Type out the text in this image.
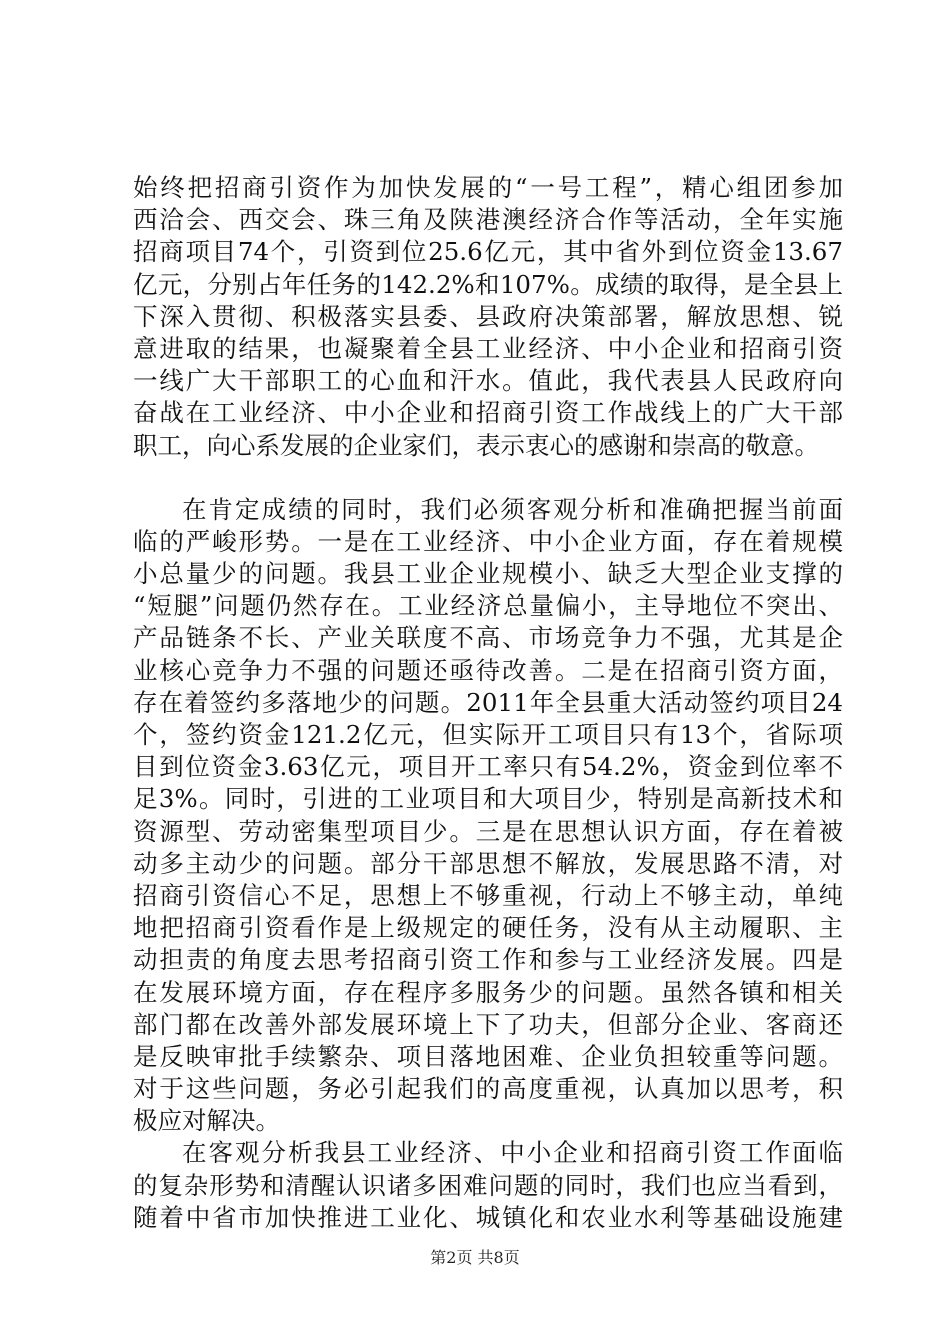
始终把招商引资作为加快发展的“一号工程”，精心组团参加
西洽会、西交会、珠三角及陕港澳经济合作等活动，全年实施
招商项目74个，引资到位25.6亿元，其中省外到位资金13.67
亿元，分别占年任务的142.2%和107%。成绩的取得，是全县上
下深入贯彻、积极落实县委、县政府决策部署，解放思想、锐
意进取的结果，也凝聚着全县工业经济、中小企业和招商引资
一线广大干部职工的心血和汗水。值此，我代表县人民政府向
奋战在工业经济、中小企业和招商引资工作战线上的广大干部
职工，向心系发展的企业家们，表示衷心的感谢和崇高的敬意。
在肯定成绩的同时，我们必须客观分析和准确把握当前面
临的严峻形势。一是在工业经济、中小企业方面，存在着规模
小总量少的问题。我县工业企业规模小、缺乏大型企业支撑的
“短腿”问题仍然存在。工业经济总量偏小，主导地位不突出、
产品链条不长、产业关联度不高、市场竞争力不强，尤其是企
业核心竞争力不强的问题还亟待改善。二是在招商引资方面，
存在着签约多落地少的问题。2011年全县重大活动签约项目24
个，签约资金121.2亿元，但实际开工项目只有13个，省际项
目到位资金3.63亿元，项目开工率只有54.2%，资金到位率不
足3%。同时，引进的工业项目和大项目少，特别是高新技术和
资源型、劳动密集型项目少。三是在思想认识方面，存在着被
动多主动少的问题。部分干部思想不解放，发展思路不清，对
招商引资信心不足，思想上不够重视，行动上不够主动，单纯
地把招商引资看作是上级规定的硬任务，没有从主动履职、主
动担责的角度去思考招商引资工作和参与工业经济发展。四是
在发展环境方面，存在程序多服务少的问题。虽然各镇和相关
部门都在改善外部发展环境上下了功夫，但部分企业、客商还
是反映审批手续繁杂、项目落地困难、企业负担较重等问题。
对于这些问题，务必引起我们的高度重视，认真加以思考，积
极应对解决。
在客观分析我县工业经济、中小企业和招商引资工作面临
的复杂形势和清醒认识诸多困难问题的同时，我们也应当看到，
随着中省市加快推进工业化、城镇化和农业水利等基础设施建
第2页 共8页
